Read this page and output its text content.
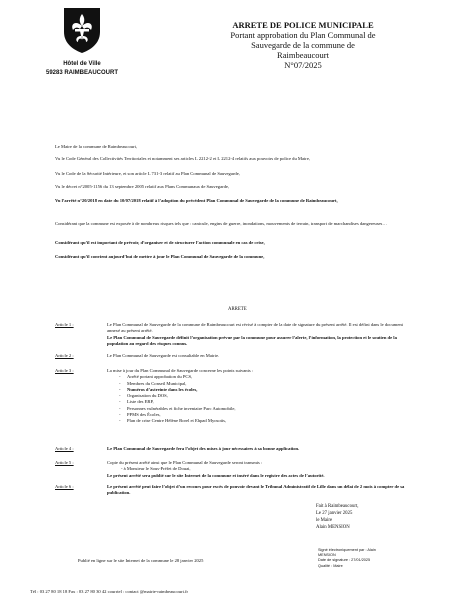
Hôtel de Ville
59283 RAIMBEAUCOURT
ARRETE DE POLICE MUNICIPALE
Portant approbation du Plan Communal de
Sauvegarde de la commune de
Raimbeaucourt
N°07/2025
Le Maire de la commune de Raimbeaucourt,
Vu le Code Général des Collectivités Territoriales et notamment ses articles L 2212-2 et L 2212-4 relatifs aux pouvoirs de police du Maire,
Vu le Code de la Sécurité Intérieure, et son article L 731-3 relatif au Plan Communal de Sauvegarde,
Vu le décret n°2005-1156 du 13 septembre 2005 relatif aux Plans Communaux de Sauvegarde,
Vu l’arrêté n°20/2018 en date du 10/07/2018 relatif à l’adoption du précédent Plan Communal de Sauvegarde de la commune de Raimbeaucourt,
Considérant que la commune est exposée à de nombreux risques tels que : canicule, engins de guerre, inondations, mouvements de terrain, transport de marchandises dangereuses…
Considérant qu’il est important de prévoir, d’organiser et de structurer l’action communale en cas de crise,
Considérant qu’il convient aujourd’hui de mettre à jour le Plan Communal de Sauvegarde de la commune,
ARRETE
Article 1 :	Le Plan Communal de Sauvegarde de la commune de Raimbeaucourt est révisé à compter de la date de signature du présent arrêté. Il est défini dans le document annexé au présent arrêté.
Le Plan Communal de Sauvegarde définit l’organisation prévue par la commune pour assurer l’alerte, l’information, la protection et le soutien de la population au regard des risques connus.
Article 2 :	Le Plan Communal de Sauvegarde est consultable en Mairie.
Article 3 :	La mise à jour du Plan Communal de Sauvegarde concerne les points suivants :
- Arrêté portant approbation du PCS,
- Membres du Conseil Municipal,
- Numéros d’astreinte dans les écoles,
- Organisation du DOS,
- Liste des ERP,
- Personnes vulnérables et fiche inventaire Parc Automobile,
- PPMS des Écoles,
- Plan de crise Centre Hélène Borel et Ehpad Myosotis,
Article 4 :	Le Plan Communal de Sauvegarde fera l’objet des mises à jour nécessaires à sa bonne application.
Article 5 :	Copie du présent arrêté ainsi que le Plan Communal de Sauvegarde seront transmis :
- à Monsieur le Sous-Préfet de Douai,
Le présent arrêté sera publié sur le site Internet de la commune et inséré dans le registre des actes de l’autorité.
Article 6 :	Le présent arrêté peut faire l’objet d’un recours pour excès de pouvoir devant le Tribunal Administratif de Lille dans un délai de 2 mois à compter de sa publication.
Fait à Raimbeaucourt,
Le 27 janvier 2025
le Maire
Alain MENSION
Signé électroniquement par : Alain
MENSION
Date de signature : 27/01/2025
Qualité : Maire
Publié en ligne sur le site Internet de la commune le 28 janvier 2025
Tél : 03 27 80 18 18 Fax : 03 27 80 30 42 courriel : contact @mairie-raimbeaucourt.fr
